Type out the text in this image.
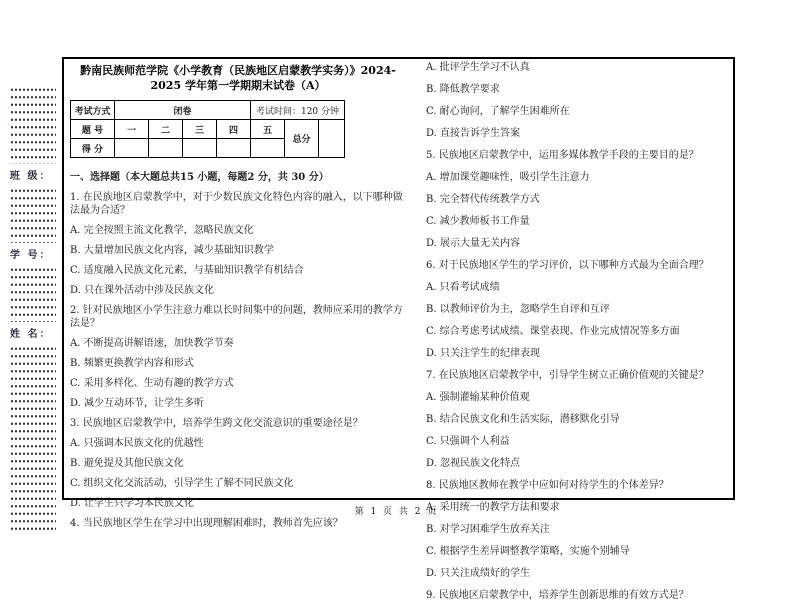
班 级：
学 号：
姓 名：
黔南民族师范学院《小学教育（民族地区启蒙教学实务）》2024-2025 学年第一学期期末试卷（A）
考试方式	闭卷				考试时间：120 分钟		
题 号	一	二	三	四	五	总分	
得 分							

一、选择题（本大题总共15 小题，每题2 分，共 30 分）

1. 在民族地区启蒙教学中，对于少数民族文化特色内容的融入，以下哪种做法最为合适？

A. 完全按照主流文化教学，忽略民族文化

B. 大量增加民族文化内容，减少基础知识教学

C. 适度融入民族文化元素，与基础知识教学有机结合

D. 只在课外活动中涉及民族文化

2. 针对民族地区小学生注意力难以长时间集中的问题，教师应采用的教学方法是？

A. 不断提高讲解语速，加快教学节奏

B. 频繁更换教学内容和形式

C. 采用多样化、生动有趣的教学方式

D. 减少互动环节，让学生多听

3. 民族地区启蒙教学中，培养学生跨文化交流意识的重要途径是？

A. 只强调本民族文化的优越性

B. 避免提及其他民族文化

C. 组织文化交流活动，引导学生了解不同民族文化

D. 让学生只学习本民族文化

4. 当民族地区学生在学习中出现理解困难时，教师首先应该？

A. 批评学生学习不认真

B. 降低教学要求

C. 耐心询问，了解学生困难所在

D. 直接告诉学生答案

5. 民族地区启蒙教学中，运用多媒体教学手段的主要目的是？

A. 增加课堂趣味性，吸引学生注意力

B. 完全替代传统教学方式

C. 减少教师板书工作量

D. 展示大量无关内容

6. 对于民族地区学生的学习评价，以下哪种方式最为全面合理？

A. 只看考试成绩

B. 以教师评价为主，忽略学生自评和互评

C. 综合考虑考试成绩、课堂表现、作业完成情况等多方面

D. 只关注学生的纪律表现

7. 在民族地区启蒙教学中，引导学生树立正确价值观的关键是？

A. 强制灌输某种价值观

B. 结合民族文化和生活实际，潜移默化引导

C. 只强调个人利益

D. 忽视民族文化特点

8. 民族地区教师在教学中应如何对待学生的个体差异？

A. 采用统一的教学方法和要求

B. 对学习困难学生放弃关注

C. 根据学生差异调整教学策略，实施个别辅导

D. 只关注成绩好的学生

9. 民族地区启蒙教学中，培养学生创新思维的有效方式是？

第 1 页 共 2 页
